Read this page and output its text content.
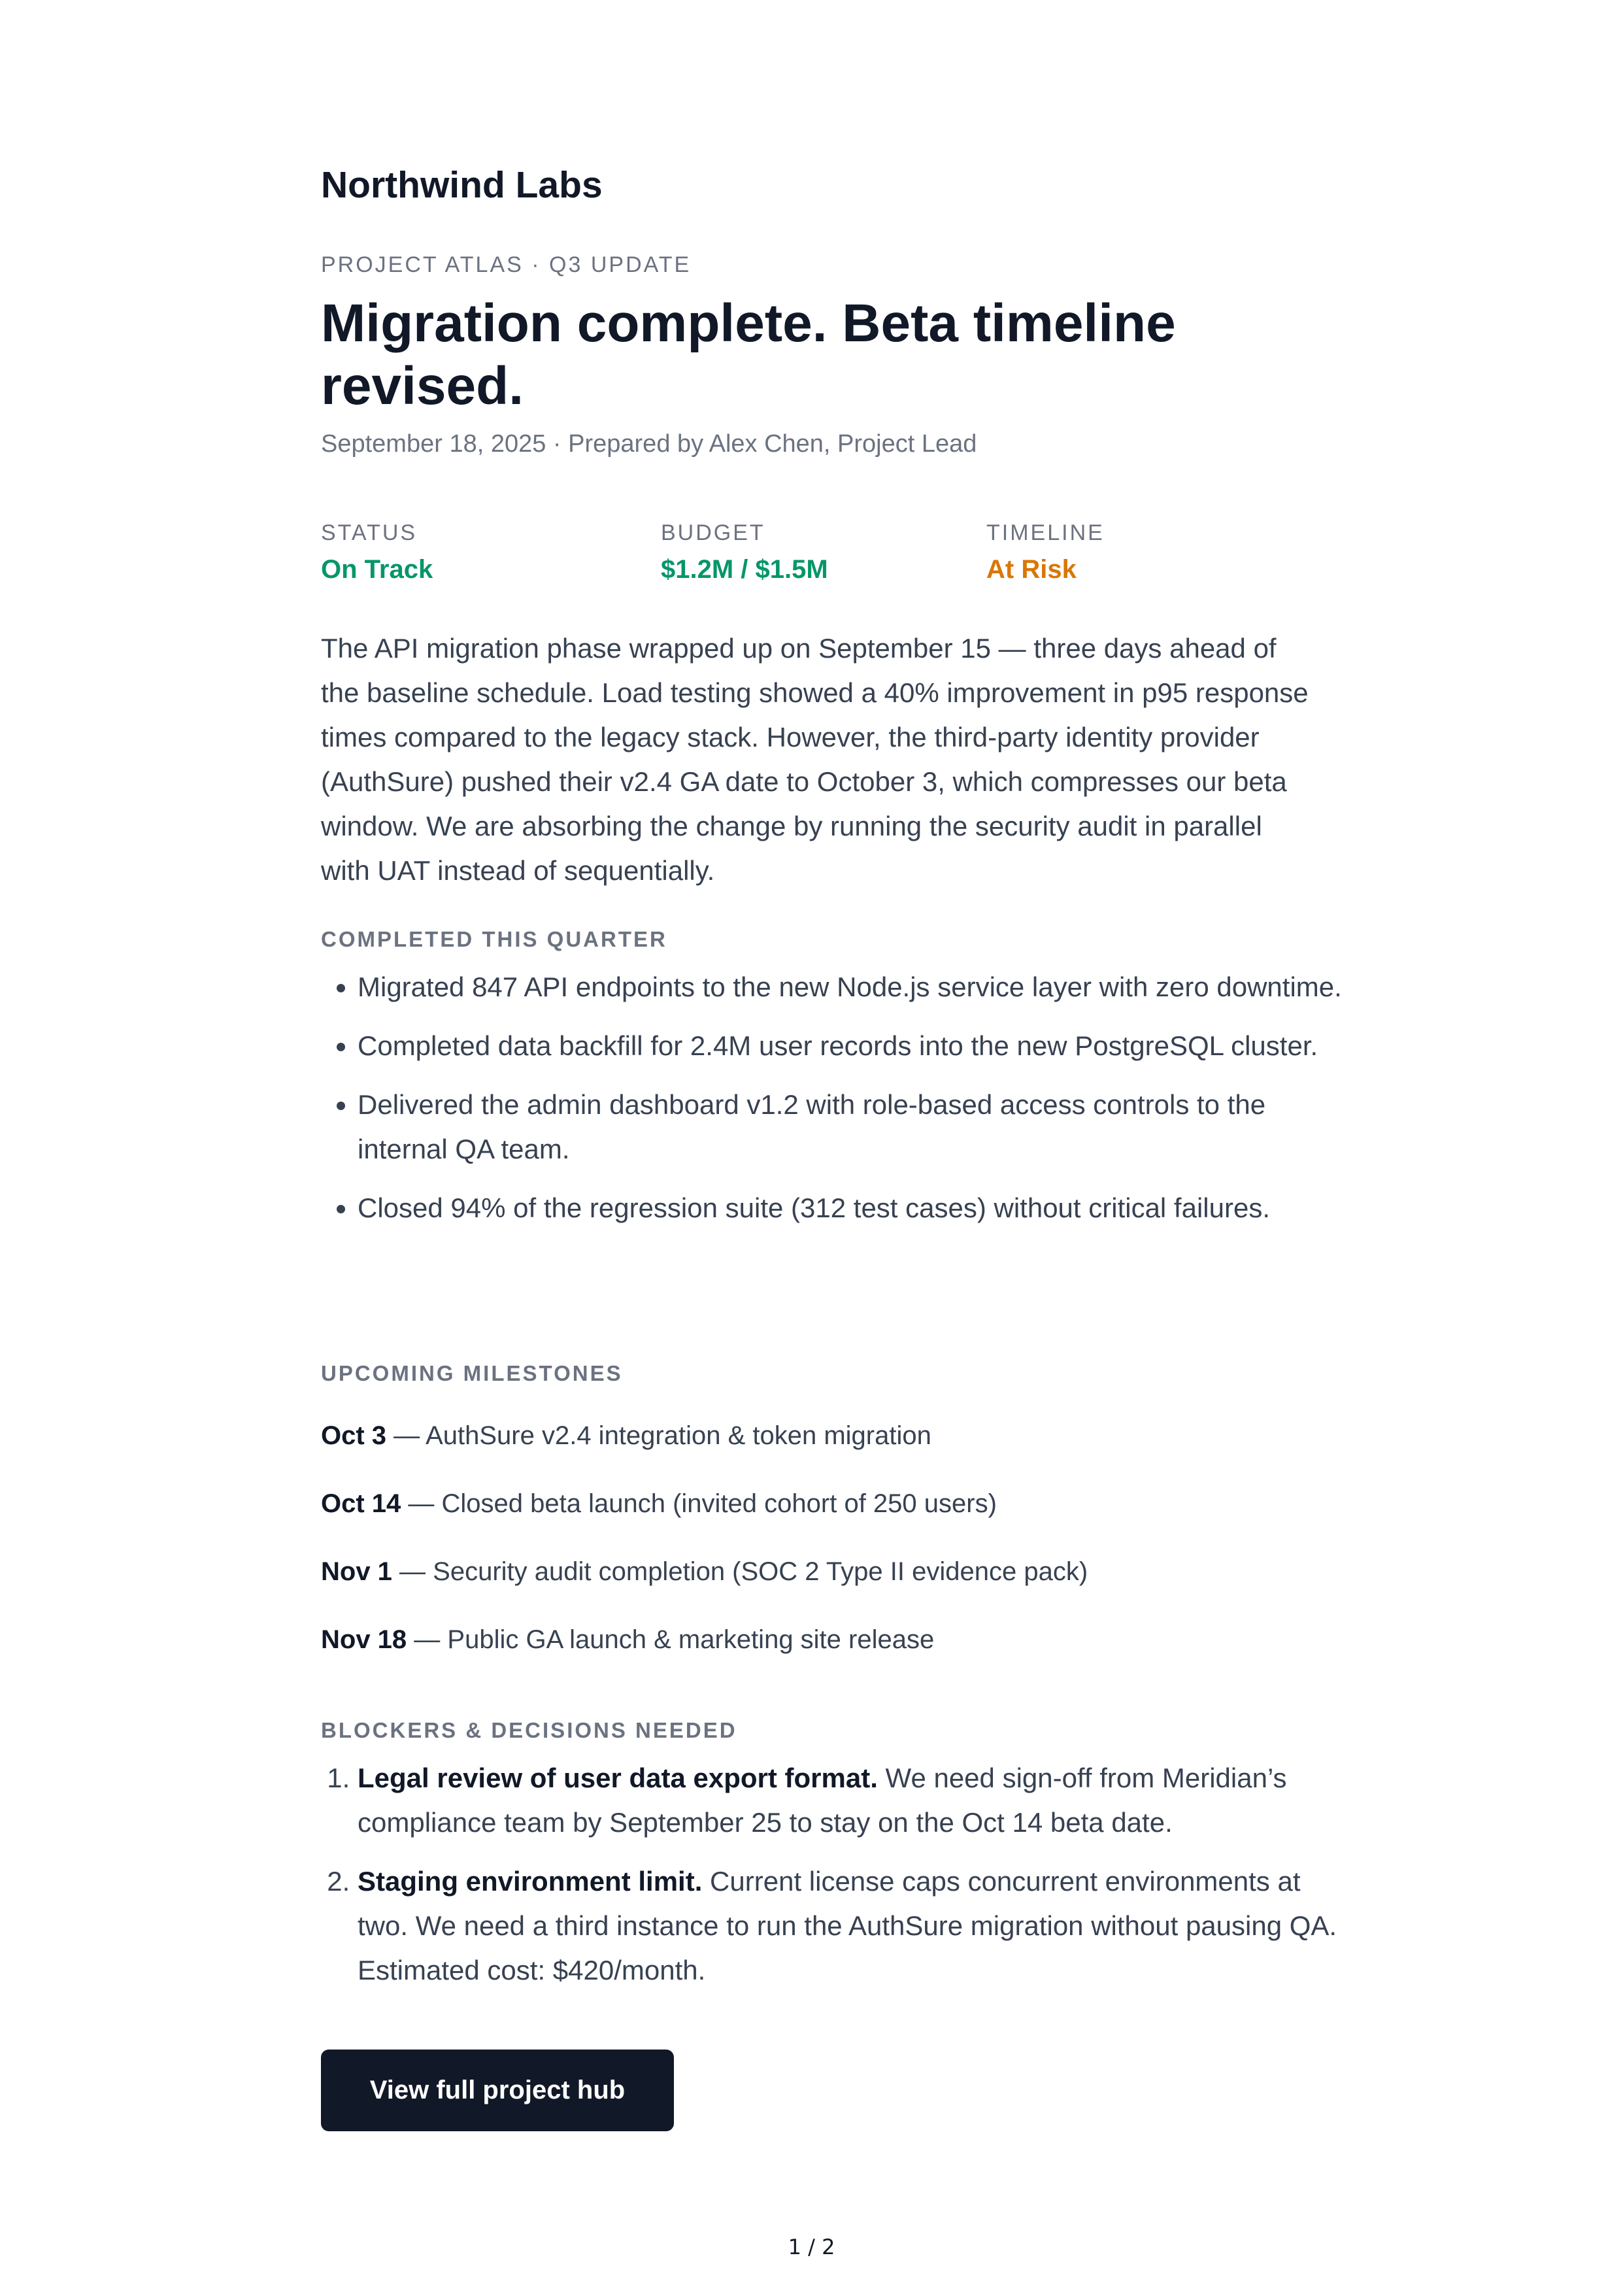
Northwind Labs
PROJECT ATLAS · Q3 UPDATE
Migration complete. Beta timeline revised.
September 18, 2025 · Prepared by Alex Chen, Project Lead
STATUS
On Track
BUDGET
$1.2M / $1.5M
TIMELINE
At Risk

The API migration phase wrapped up on September 15 — three days ahead of the baseline schedule. Load testing showed a 40% improvement in p95 response times compared to the legacy stack. However, the third-party identity provider (AuthSure) pushed their v2.4 GA date to October 3, which compresses our beta window. We are absorbing the change by running the security audit in parallel with UAT instead of sequentially.

COMPLETED THIS QUARTER
• Migrated 847 API endpoints to the new Node.js service layer with zero downtime.
• Completed data backfill for 2.4M user records into the new PostgreSQL cluster.
• Delivered the admin dashboard v1.2 with role-based access controls to the internal QA team.
• Closed 94% of the regression suite (312 test cases) without critical failures.
UPCOMING MILESTONES
Oct 3 — AuthSure v2.4 integration & token migration
Oct 14 — Closed beta launch (invited cohort of 250 users)
Nov 1 — Security audit completion (SOC 2 Type II evidence pack)
Nov 18 — Public GA launch & marketing site release
BLOCKERS & DECISIONS NEEDED
1. Legal review of user data export format. We need sign-off from Meridian’s compliance team by September 25 to stay on the Oct 14 beta date.
2. Staging environment limit. Current license caps concurrent environments at two. We need a third instance to run the AuthSure migration without pausing QA. Estimated cost: $420/month.
View full project hub
1 / 2
